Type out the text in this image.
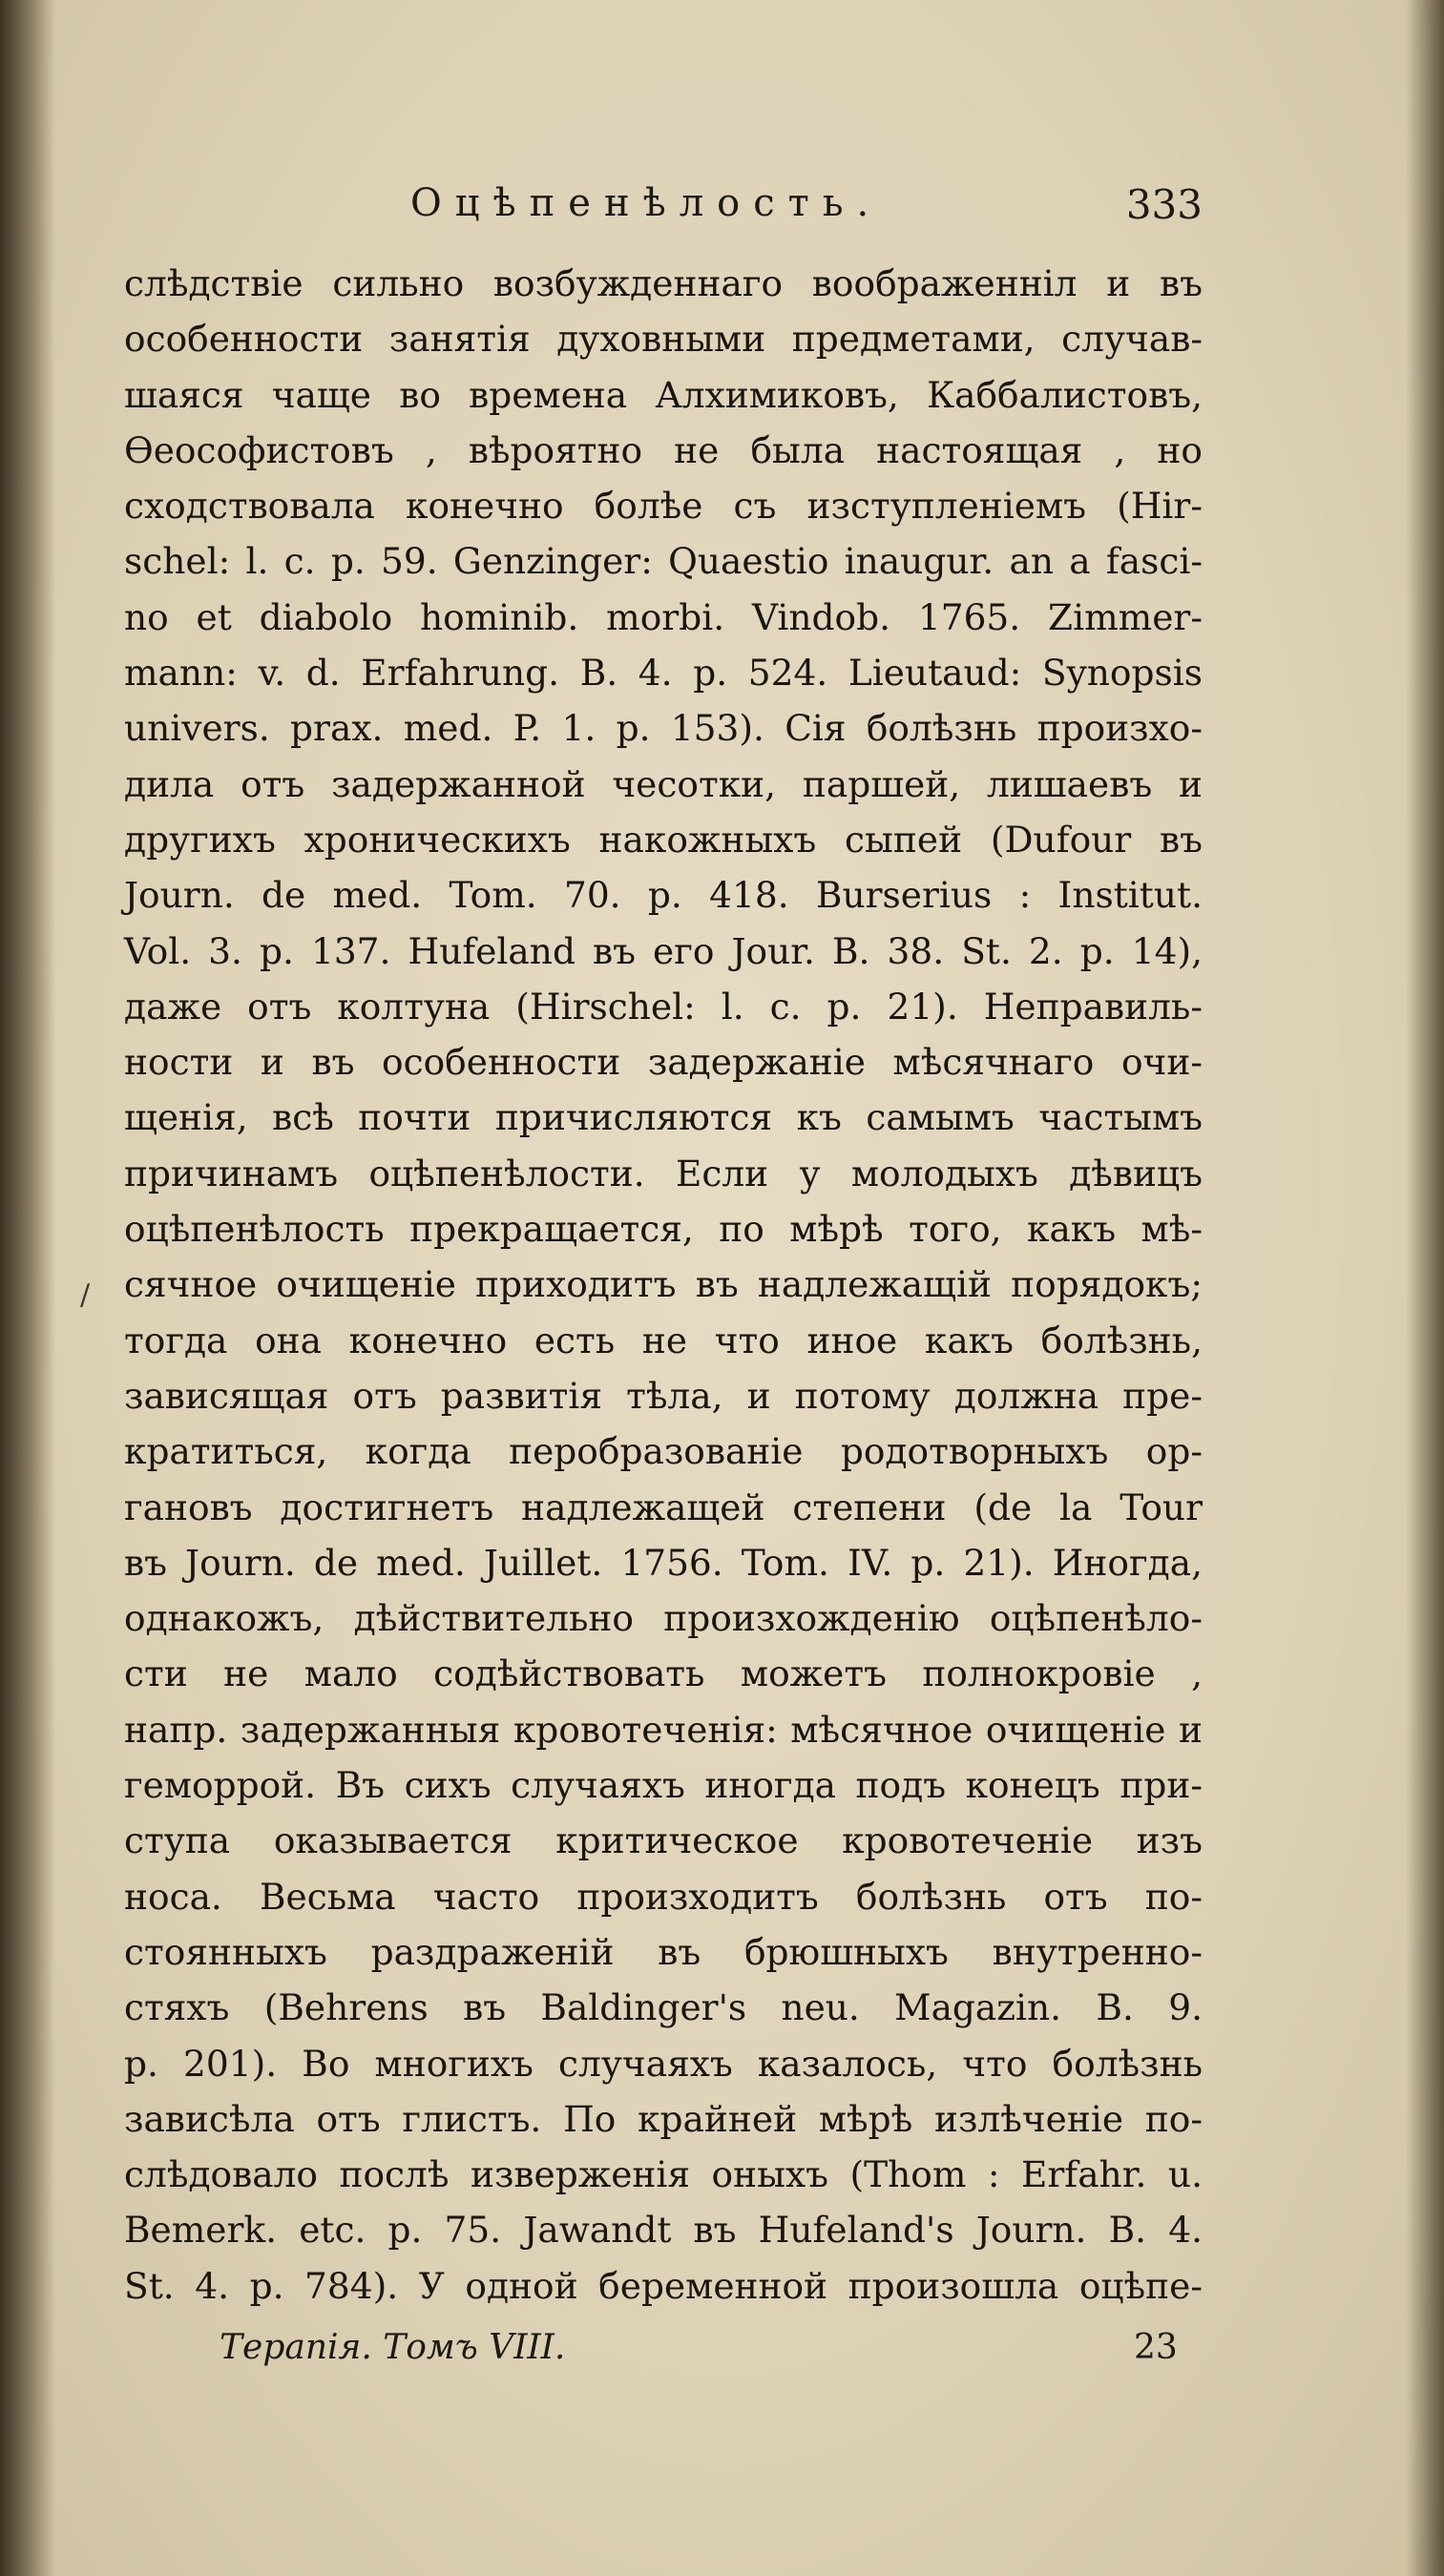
Оцѣпенѣлость.	333
слѣдствіе сильно возбужденнаго воображенніл и въ
особенности занятія духовными предметами, случав-
шаяся чаще во времена Алхимиковъ, Каббалистовъ,
Ѳеософистовъ , вѣроятно не была настоящая , но
сходствовала конечно болѣе съ изступленіемъ (Hir-
schel: l. c. p. 59. Genzinger: Quaestio inaugur. an a fasci-
no et diabolo hominib. morbi. Vindob. 1765. Zimmer-
mann: v. d. Erfahrung. B. 4. p. 524. Lieutaud: Synopsis
univers. prax. med. P. 1. p. 153). Сія болѣзнь произхо-
дила отъ задержанной чесотки, паршей, лишаевъ и
другихъ хроническихъ накожныхъ сыпей (Dufour въ
Journ. de med. Tom. 70. p. 418. Burserius : Institut.
Vol. 3. p. 137. Hufeland въ его Jour. B. 38. St. 2. p. 14),
даже отъ колтуна (Hirschel: l. c. p. 21). Неправиль-
ности и въ особенности задержаніе мѣсячнаго очи-
щенія, всѣ почти причисляются къ самымъ частымъ
причинамъ оцѣпенѣлости. Если у молодыхъ дѣвицъ
оцѣпенѣлость прекращается, по мѣрѣ того, какъ мѣ-
сячное очищеніе приходитъ въ надлежащій порядокъ;
тогда она конечно есть не что иное какъ болѣзнь,
зависящая отъ развитія тѣла, и потому должна пре-
кратиться, когда перобразованіе родотворныхъ ор-
гановъ достигнетъ надлежащей степени (de la Tour
въ Journ. de med. Juillet. 1756. Tom. IV. p. 21). Иногда,
однакожъ, дѣйствительно произхожденію оцѣпенѣло-
сти не мало содѣйствовать можетъ полнокровіе ,
напр. задержанныя кровотеченія: мѣсячное очищеніе и
геморрой. Въ сихъ случаяхъ иногда подъ конецъ при-
ступа оказывается критическое кровотеченіе изъ
носа. Весьма часто произходитъ болѣзнь отъ по-
стоянныхъ раздраженій въ брюшныхъ внутренно-
стяхъ (Behrens въ Baldinger's neu. Magazin. B. 9.
p. 201). Во многихъ случаяхъ казалось, что болѣзнь
зависѣла отъ глистъ. По крайней мѣрѣ излѣченіе по-
слѣдовало послѣ извержeнія оныхъ (Thom : Erfahr. u.
Bemerk. etc. p. 75. Jawandt въ Hufeland's Journ. B. 4.
St. 4. p. 784). У одной беременной произошла оцѣпе-
Терапія. Томъ VIII.	23
/
